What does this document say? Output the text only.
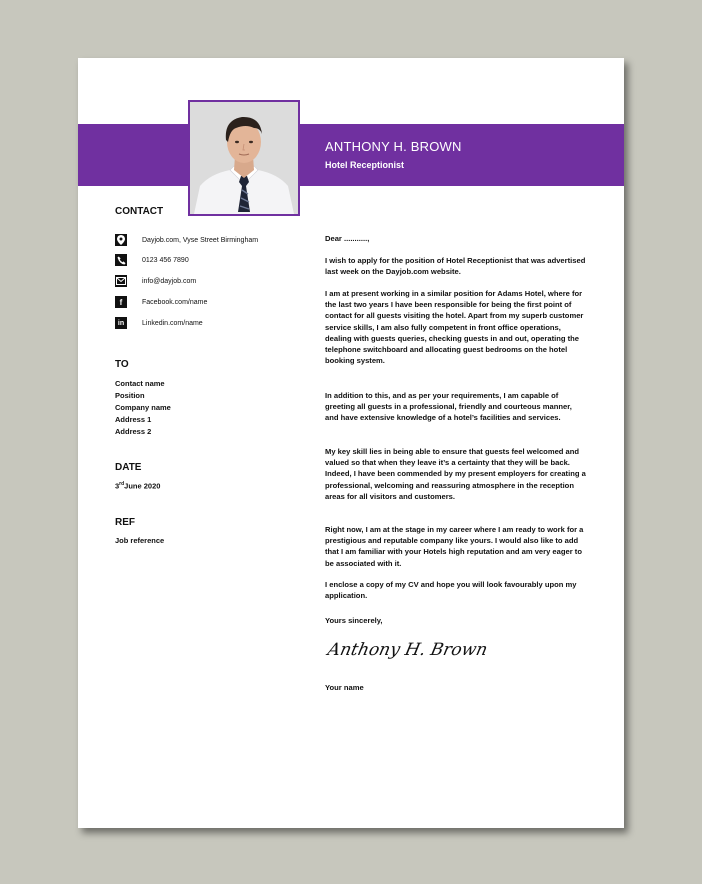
ANTHONY H. BROWN
Hotel Receptionist
CONTACT
Dayjob.com, Vyse Street Birmingham
0123 456 7890
info@dayjob.com
f	Facebook.com/name
in	Linkedin.com/name
TO

Contact name

Position

Company name

Address 1

Address 2

DATE

3rdJune 2020

REF

Job reference

Dear ...........,

I wish to apply for the position of Hotel Receptionist that was advertised last week on the Dayjob.com website.

I am at present working in a similar position for Adams Hotel, where for the last two years I have been responsible for being the first point of contact for all guests visiting the hotel. Apart from my superb customer service skills, I am also fully competent in front office operations, dealing with guests queries, checking guests in and out, operating the telephone switchboard and allocating guest bedrooms on the hotel booking system.

In addition to this, and as per your requirements, I am capable of greeting all guests in a professional, friendly and courteous manner, and have extensive knowledge of a hotel’s facilities and services.

My key skill lies in being able to ensure that guests feel welcomed and valued so that when they leave it’s a certainty that they will be back. Indeed, I have been commended by my present employers for creating a professional, welcoming and reassuring atmosphere in the reception areas for all visitors and customers.

Right now, I am at the stage in my career where I am ready to work for a prestigious and reputable company like yours. I would also like to add that I am familiar with your Hotels high reputation and am very eager to be associated with it.

I enclose a copy of my CV and hope you will look favourably upon my application.

Yours sincerely,

Anthony H. Brown

Your name
